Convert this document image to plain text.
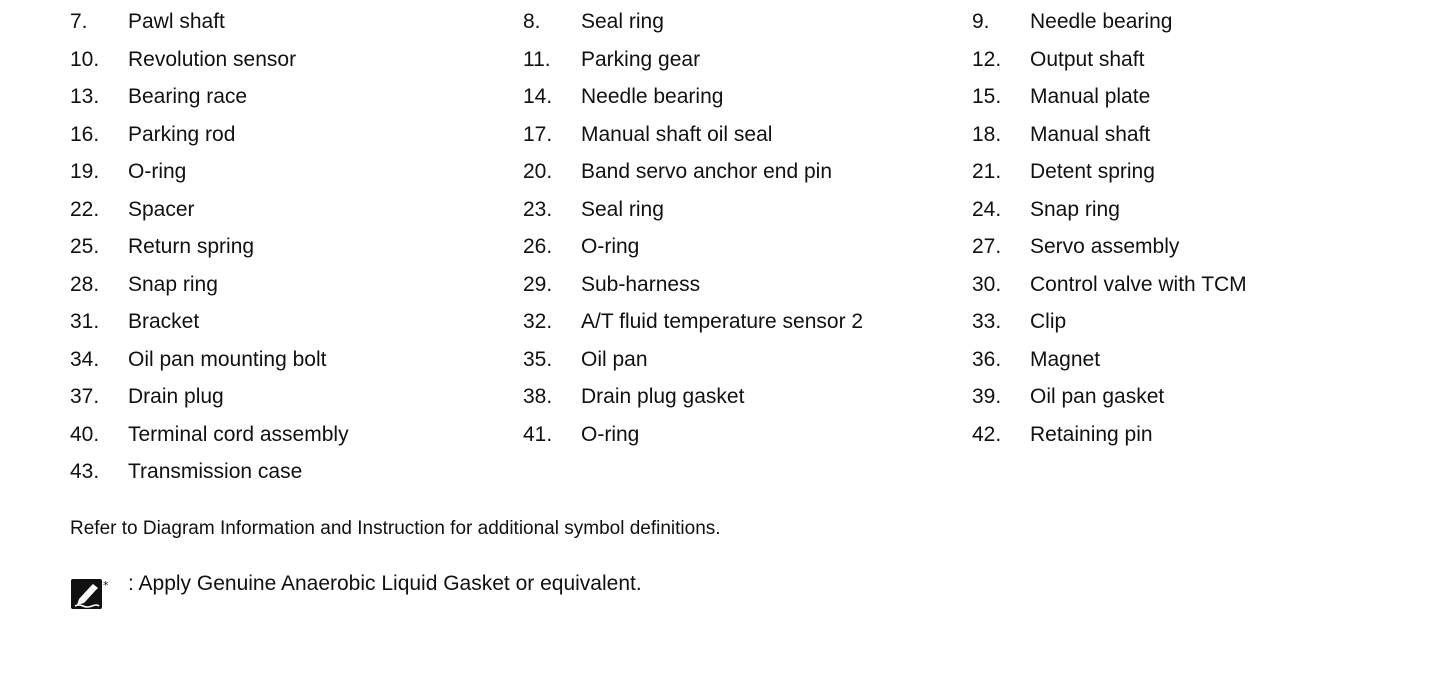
7. Pawl shaft	8. Seal ring	9. Needle bearing
10. Revolution sensor	11. Parking gear	12. Output shaft
13. Bearing race	14. Needle bearing	15. Manual plate
16. Parking rod	17. Manual shaft oil seal	18. Manual shaft
19. O-ring	20. Band servo anchor end pin	21. Detent spring
22. Spacer	23. Seal ring	24. Snap ring
25. Return spring	26. O-ring	27. Servo assembly
28. Snap ring	29. Sub-harness	30. Control valve with TCM
31. Bracket	32. A/T fluid temperature sensor 2	33. Clip
34. Oil pan mounting bolt	35. Oil pan	36. Magnet
37. Drain plug	38. Drain plug gasket	39. Oil pan gasket
40. Terminal cord assembly	41. O-ring	42. Retaining pin
43. Transmission case
Refer to Diagram Information and Instruction for additional symbol definitions.
* : Apply Genuine Anaerobic Liquid Gasket or equivalent.
